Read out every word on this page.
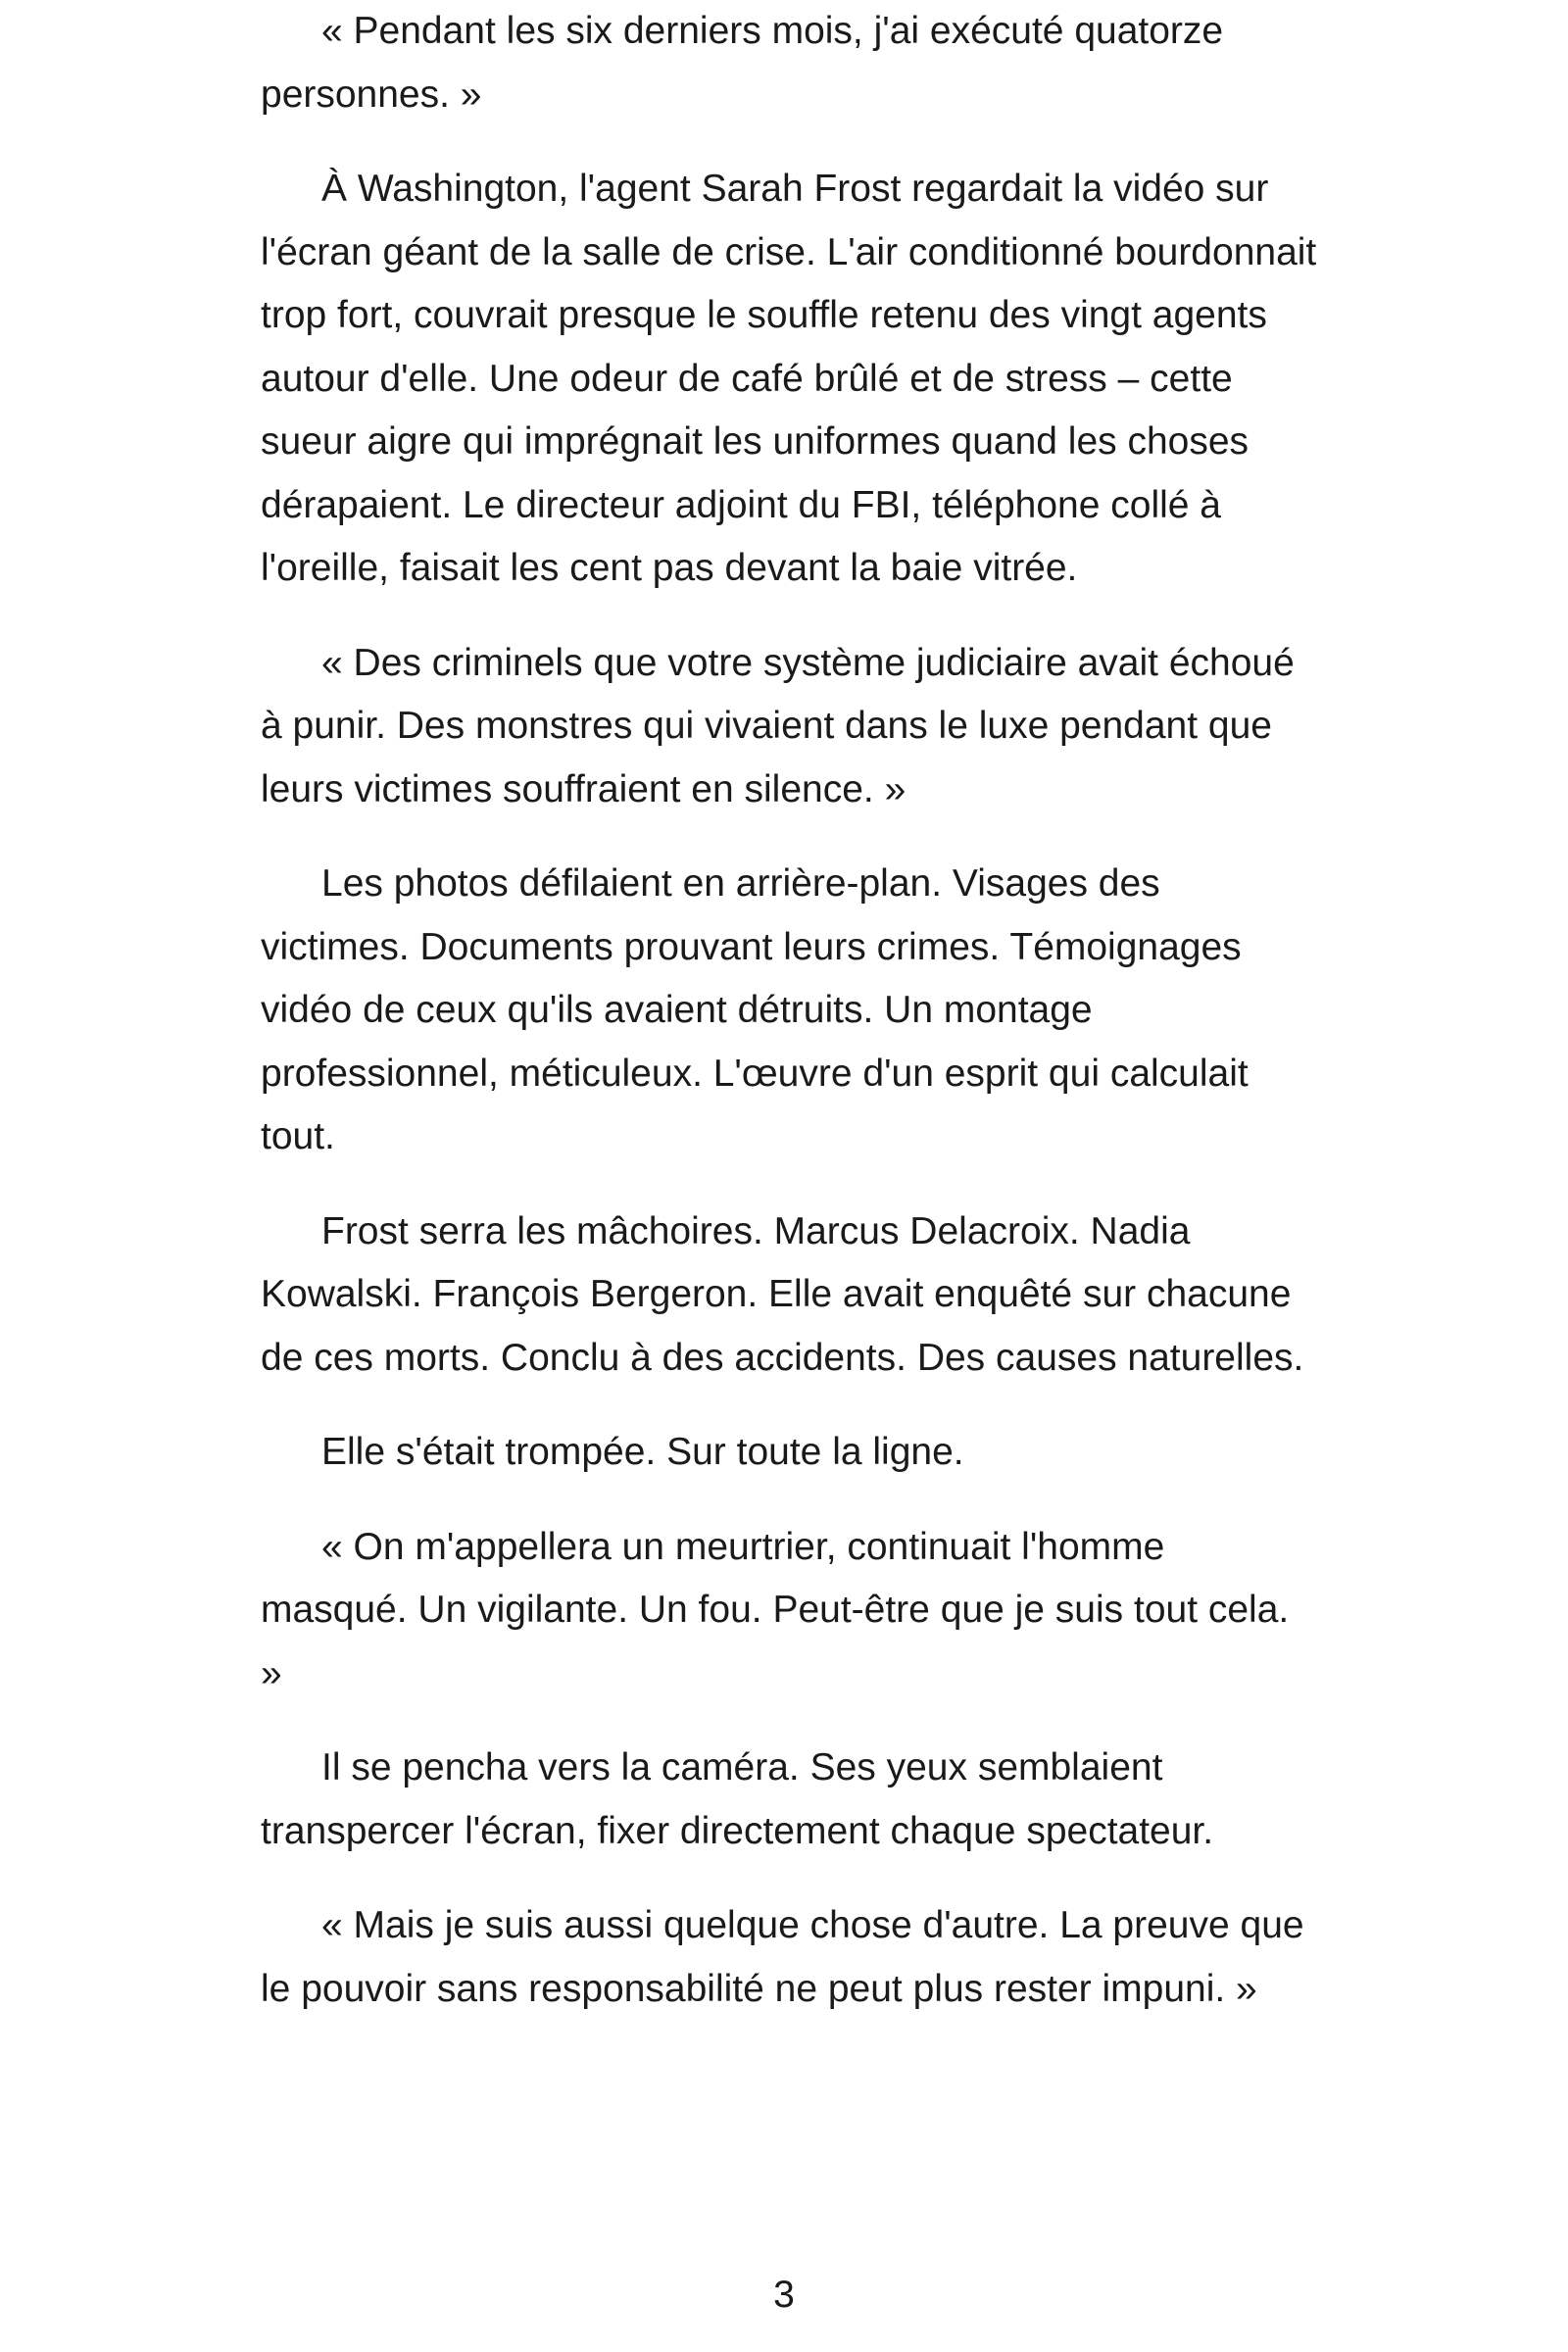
« Pendant les six derniers mois, j'ai exécuté quatorze personnes. »

À Washington, l'agent Sarah Frost regardait la vidéo sur l'écran géant de la salle de crise. L'air conditionné bourdonnait trop fort, couvrait presque le souffle retenu des vingt agents autour d'elle. Une odeur de café brûlé et de stress – cette sueur aigre qui imprégnait les uniformes quand les choses dérapaient. Le directeur adjoint du FBI, téléphone collé à l'oreille, faisait les cent pas devant la baie vitrée.

« Des criminels que votre système judiciaire avait échoué à punir. Des monstres qui vivaient dans le luxe pendant que leurs victimes souffraient en silence. »

Les photos défilaient en arrière-plan. Visages des victimes. Documents prouvant leurs crimes. Témoignages vidéo de ceux qu'ils avaient détruits. Un montage professionnel, méticuleux. L'œuvre d'un esprit qui calculait tout.

Frost serra les mâchoires. Marcus Delacroix. Nadia Kowalski. François Bergeron. Elle avait enquêté sur chacune de ces morts. Conclu à des accidents. Des causes naturelles.

Elle s'était trompée. Sur toute la ligne.

« On m'appellera un meurtrier, continuait l'homme masqué. Un vigilante. Un fou. Peut-être que je suis tout cela. »

Il se pencha vers la caméra. Ses yeux semblaient transpercer l'écran, fixer directement chaque spectateur.

« Mais je suis aussi quelque chose d'autre. La preuve que le pouvoir sans responsabilité ne peut plus rester impuni. »

3
